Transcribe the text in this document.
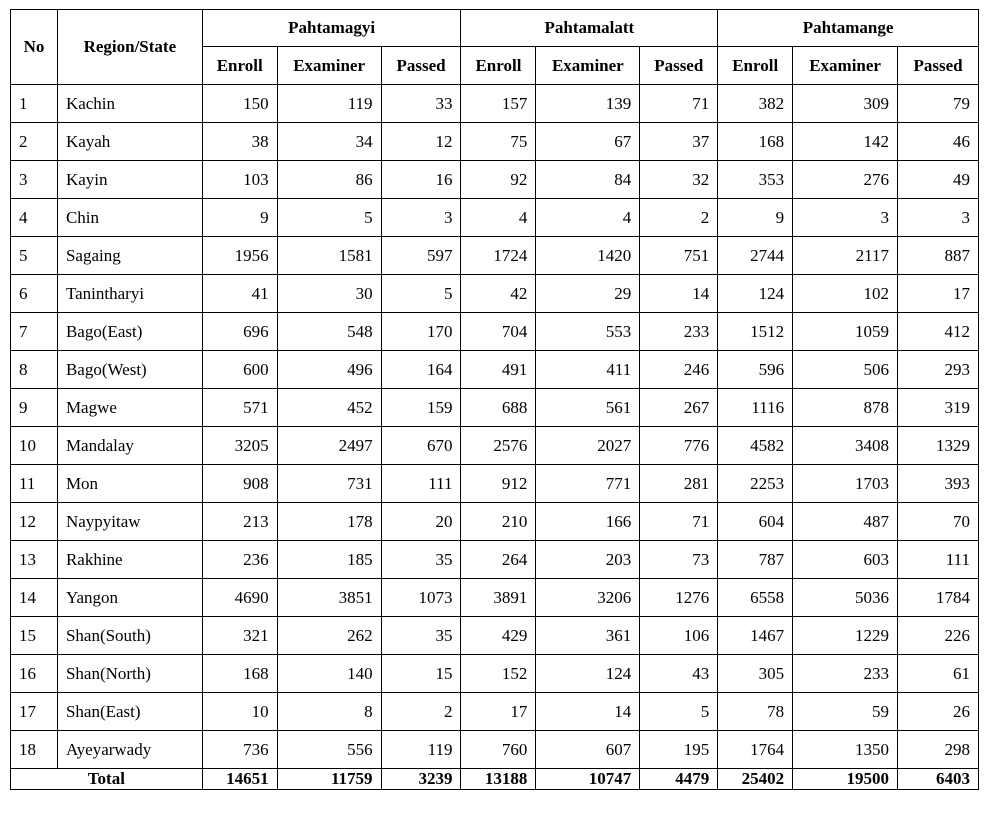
No	Region/State	Pahtamagyi			Pahtamalatt			Pahtamange		
		Enroll	Examiner	Passed	Enroll	Examiner	Passed	Enroll	Examiner	Passed
1	Kachin	150	119	33	157	139	71	382	309	79
2	Kayah	38	34	12	75	67	37	168	142	46
3	Kayin	103	86	16	92	84	32	353	276	49
4	Chin	9	5	3	4	4	2	9	3	3
5	Sagaing	1956	1581	597	1724	1420	751	2744	2117	887
6	Tanintharyi	41	30	5	42	29	14	124	102	17
7	Bago(East)	696	548	170	704	553	233	1512	1059	412
8	Bago(West)	600	496	164	491	411	246	596	506	293
9	Magwe	571	452	159	688	561	267	1116	878	319
10	Mandalay	3205	2497	670	2576	2027	776	4582	3408	1329
11	Mon	908	731	111	912	771	281	2253	1703	393
12	Naypyitaw	213	178	20	210	166	71	604	487	70
13	Rakhine	236	185	35	264	203	73	787	603	111
14	Yangon	4690	3851	1073	3891	3206	1276	6558	5036	1784
15	Shan(South)	321	262	35	429	361	106	1467	1229	226
16	Shan(North)	168	140	15	152	124	43	305	233	61
17	Shan(East)	10	8	2	17	14	5	78	59	26
18	Ayeyarwady	736	556	119	760	607	195	1764	1350	298
Total		14651	11759	3239	13188	10747	4479	25402	19500	6403
